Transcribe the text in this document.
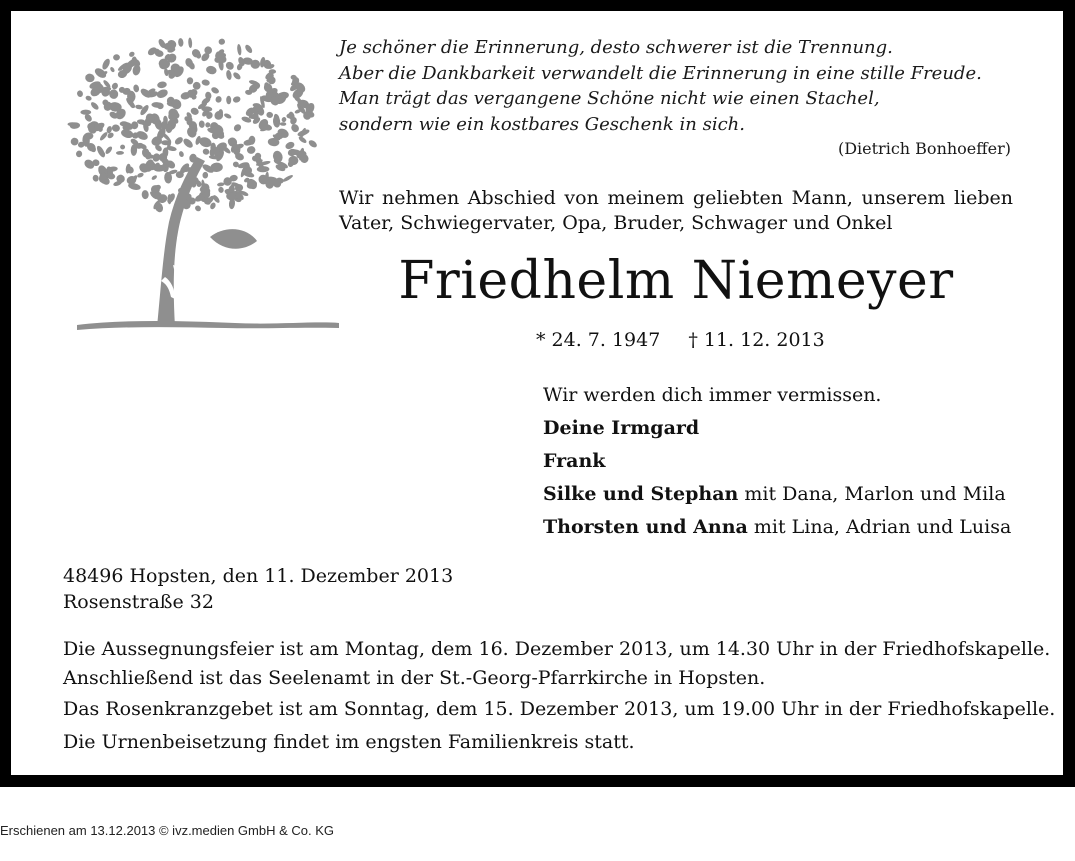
Je schöner die Erinnerung, desto schwerer ist die Trennung.
Aber die Dankbarkeit verwandelt die Erinnerung in eine stille Freude.
Man trägt das vergangene Schöne nicht wie einen Stachel,
sondern wie ein kostbares Geschenk in sich.
(Dietrich Bonhoeffer)
Wir nehmen Abschied von meinem geliebten Mann, unserem lieben Vater, Schwiegervater, Opa, Bruder, Schwager und Onkel
Friedhelm Niemeyer
* 24. 7. 1947 † 11. 12. 2013
Wir werden dich immer vermissen.
Deine Irmgard
Frank
Silke und Stephan mit Dana, Marlon und Mila
Thorsten und Anna mit Lina, Adrian und Luisa
48496 Hopsten, den 11. Dezember 2013
Rosenstraße 32
Die Aussegnungsfeier ist am Montag, dem 16. Dezember 2013, um 14.30 Uhr in der Friedhofskapelle.
Anschließend ist das Seelenamt in der St.-Georg-Pfarrkirche in Hopsten.
Das Rosenkranzgebet ist am Sonntag, dem 15. Dezember 2013, um 19.00 Uhr in der Friedhofskapelle.
Die Urnenbeisetzung findet im engsten Familienkreis statt.
Erschienen am 13.12.2013 © ivz.medien GmbH & Co. KG
